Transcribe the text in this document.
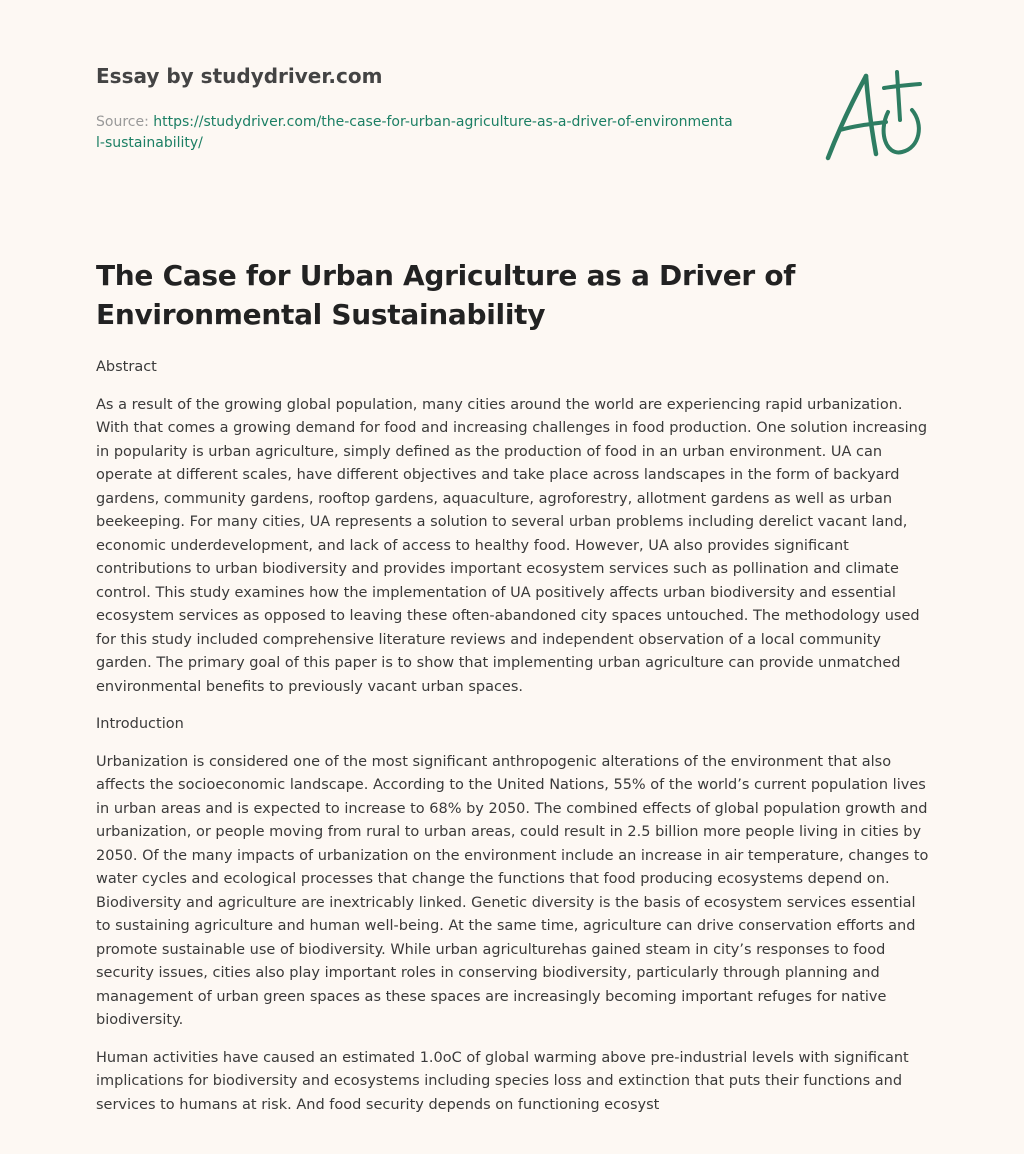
Essay by studydriver.com
Source: https://studydriver.com/the-case-for-urban-agriculture-as-a-driver-of-environmental-sustainability/
The Case for Urban Agriculture as a Driver of Environmental Sustainability

Abstract

As a result of the growing global population, many cities around the world are experiencing rapid urbanization. With that comes a growing demand for food and increasing challenges in food production. One solution increasing in popularity is urban agriculture, simply defined as the production of food in an urban environment. UA can operate at different scales, have different objectives and take place across landscapes in the form of backyard gardens, community gardens, rooftop gardens, aquaculture, agroforestry, allotment gardens as well as urban beekeeping. For many cities, UA represents a solution to several urban problems including derelict vacant land, economic underdevelopment, and lack of access to healthy food. However, UA also provides significant contributions to urban biodiversity and provides important ecosystem services such as pollination and climate control. This study examines how the implementation of UA positively affects urban biodiversity and essential ecosystem services as opposed to leaving these often-abandoned city spaces untouched. The methodology used for this study included comprehensive literature reviews and independent observation of a local community garden. The primary goal of this paper is to show that implementing urban agriculture can provide unmatched environmental benefits to previously vacant urban spaces.

Introduction

Urbanization is considered one of the most significant anthropogenic alterations of the environment that also affects the socioeconomic landscape. According to the United Nations, 55% of the world’s current population lives in urban areas and is expected to increase to 68% by 2050. The combined effects of global population growth and urbanization, or people moving from rural to urban areas, could result in 2.5 billion more people living in cities by 2050. Of the many impacts of urbanization on the environment include an increase in air temperature, changes to water cycles and ecological processes that change the functions that food producing ecosystems depend on. Biodiversity and agriculture are inextricably linked. Genetic diversity is the basis of ecosystem services essential to sustaining agriculture and human well-being. At the same time, agriculture can drive conservation efforts and promote sustainable use of biodiversity. While urban agriculturehas gained steam in city’s responses to food security issues, cities also play important roles in conserving biodiversity, particularly through planning and management of urban green spaces as these spaces are increasingly becoming important refuges for native biodiversity.

Human activities have caused an estimated 1.0oC of global warming above pre-industrial levels with significant implications for biodiversity and ecosystems including species loss and extinction that puts their functions and services to humans at risk. And food security depends on functioning ecosyst
